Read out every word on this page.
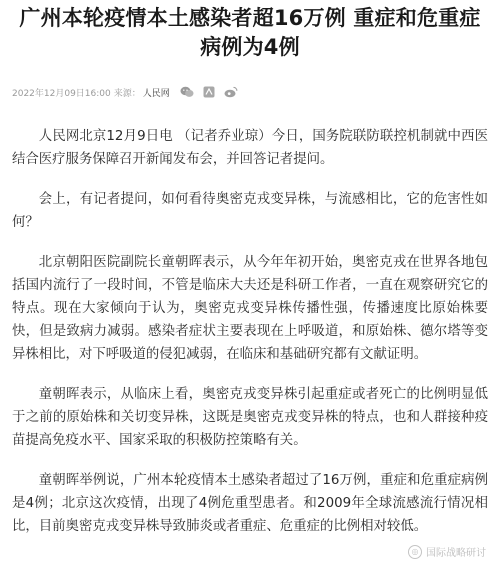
广州本轮疫情本土感染者超16万例 重症和危重症病例为4例
2022年12月09日16:00 来源： 人民网

人民网北京12月9日电 （记者乔业琼）今日，国务院联防联控机制就中西医结合医疗服务保障召开新闻发布会，并回答记者提问。

会上，有记者提问，如何看待奥密克戎变异株，与流感相比，它的危害性如何？

北京朝阳医院副院长童朝晖表示，从今年年初开始，奥密克戎在世界各地包括国内流行了一段时间，不管是临床大夫还是科研工作者，一直在观察研究它的特点。现在大家倾向于认为，奥密克戎变异株传播性强，传播速度比原始株要快，但是致病力减弱。感染者症状主要表现在上呼吸道，和原始株、德尔塔等变异株相比，对下呼吸道的侵犯减弱，在临床和基础研究都有文献证明。

童朝晖表示，从临床上看，奥密克戎变异株引起重症或者死亡的比例明显低于之前的原始株和关切变异株，这既是奥密克戎变异株的特点，也和人群接种疫苗提高免疫水平、国家采取的积极防控策略有关。

童朝晖举例说，广州本轮疫情本土感染者超过了16万例，重症和危重症病例是4例；北京这次疫情，出现了4例危重型患者。和2009年全球流感流行情况相比，目前奥密克戎变异株导致肺炎或者重症、危重症的比例相对较低。

◎ 国际战略研讨
